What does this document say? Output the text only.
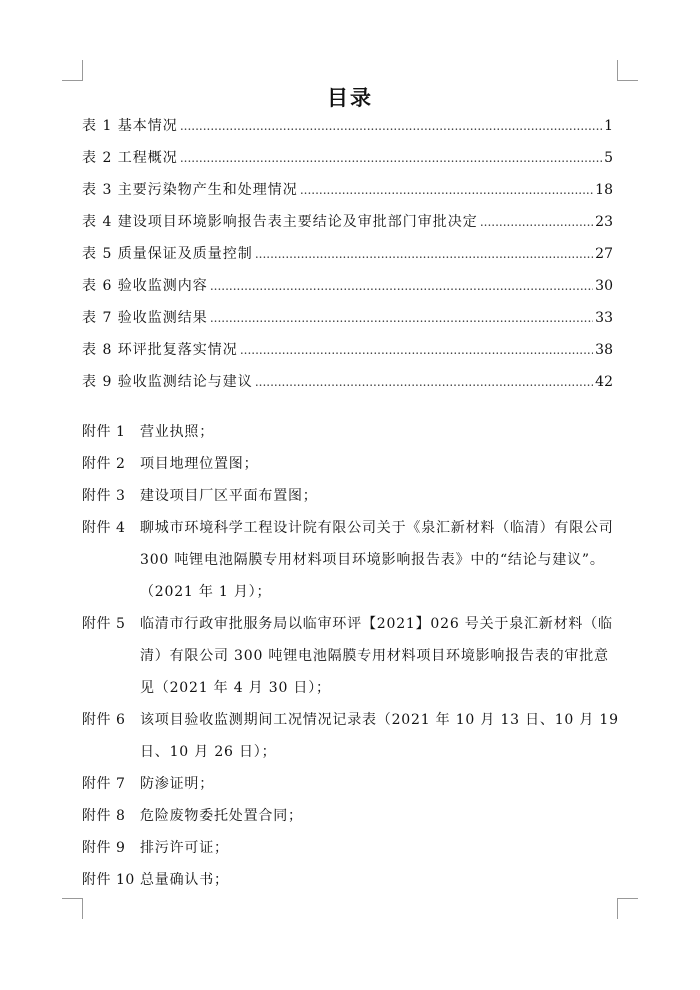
目录
表 1 基本情况 .....	1
表 2 工程概况 .....	5
表 3 主要污染物产生和处理情况 .....	18
表 4 建设项目环境影响报告表主要结论及审批部门审批决定 .....	23
表 5 质量保证及质量控制 .....	27
表 6 验收监测内容 .....	30
表 7 验收监测结果 .....	33
表 8 环评批复落实情况 .....	38
表 9 验收监测结论与建议 .....	42
附件 1	营业执照；
附件 2	项目地理位置图；
附件 3	建设项目厂区平面布置图；
附件 4	聊城市环境科学工程设计院有限公司关于《泉汇新材料（临清）有限公司 300 吨锂电池隔膜专用材料项目环境影响报告表》中的“结论与建议”。（2021 年 1 月）；
附件 5	临清市行政审批服务局以临审环评【2021】026 号关于泉汇新材料（临清）有限公司 300 吨锂电池隔膜专用材料项目环境影响报告表的审批意见（2021 年 4 月 30 日）；
附件 6	该项目验收监测期间工况情况记录表（2021 年 10 月 13 日、10 月 19 日、10 月 26 日）；
附件 7	防渗证明；
附件 8	危险废物委托处置合同；
附件 9	排污许可证；
附件 10 总量确认书；
